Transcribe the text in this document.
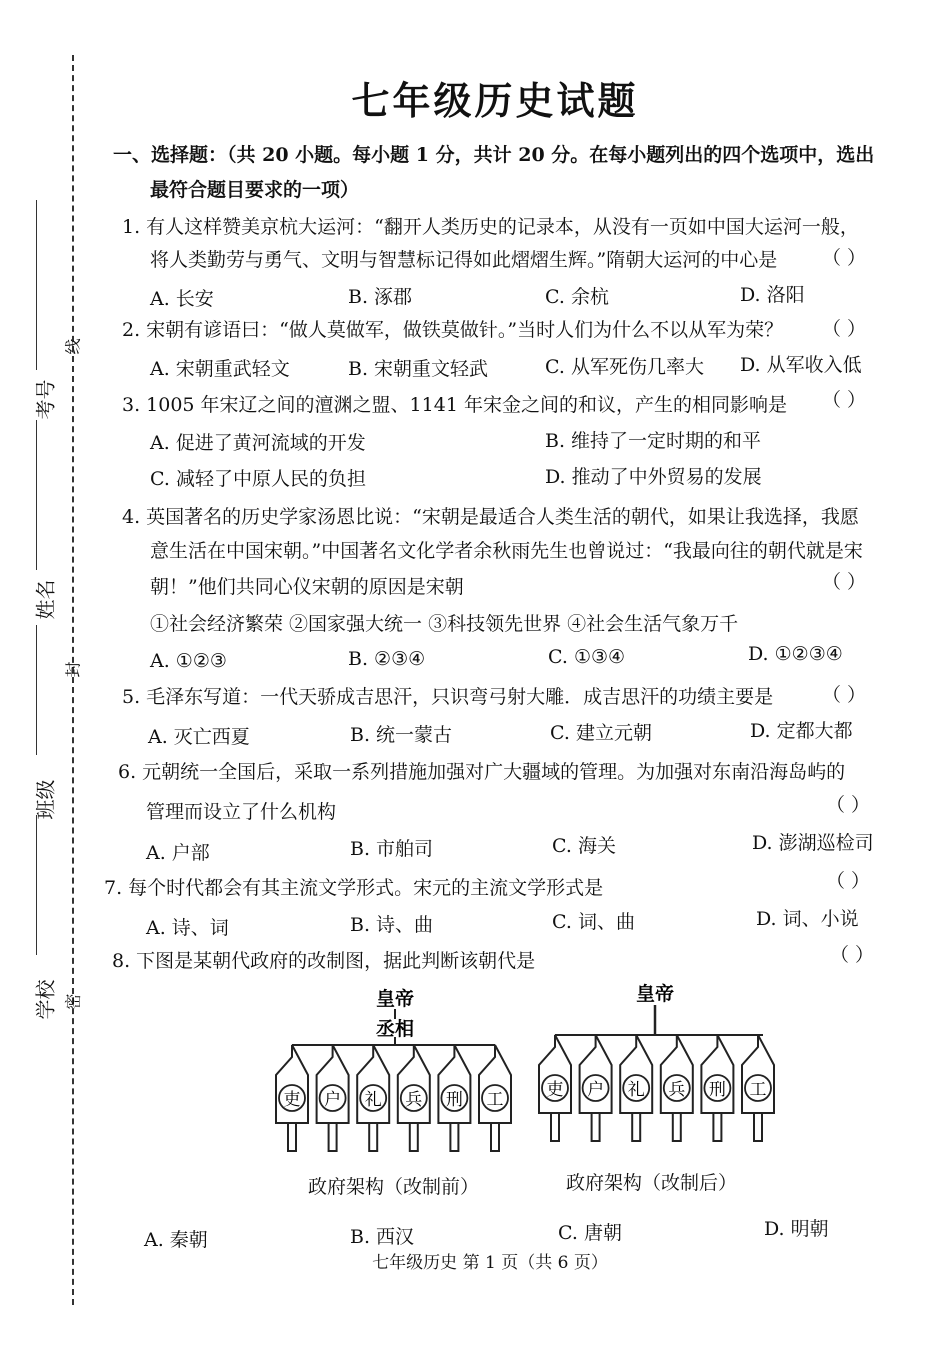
考号
线
姓名
封
班级
学校 密
七年级历史试题
一、选择题：（共 20 小题。每小题 1 分，共计 20 分。在每小题列出的四个选项中，选出
最符合题目要求的一项）
1. 有人这样赞美京杭大运河：“翻开人类历史的记录本，从没有一页如中国大运河一般，
将人类勤劳与勇气、文明与智慧标记得如此熠熠生辉。”隋朝大运河的中心是 （ ）
A. 长安	B. 涿郡	C. 余杭	D. 洛阳
2. 宋朝有谚语曰：“做人莫做军，做铁莫做针。”当时人们为什么不以从军为荣？ （ ）
A. 宋朝重武轻文	B. 宋朝重文轻武	C. 从军死伤几率大 D. 从军收入低
3. 1005 年宋辽之间的澶渊之盟、1141 年宋金之间的和议，产生的相同影响是 （ ）
A. 促进了黄河流域的开发	B. 维持了一定时期的和平
C. 减轻了中原人民的负担	D. 推动了中外贸易的发展
4. 英国著名的历史学家汤恩比说：“宋朝是最适合人类生活的朝代，如果让我选择，我愿
意生活在中国宋朝。”中国著名文化学者余秋雨先生也曾说过：“我最向往的朝代就是宋
朝！”他们共同心仪宋朝的原因是宋朝	（ ）
①社会经济繁荣 ②国家强大统一 ③科技领先世界 ④社会生活气象万千
A. ①②③	B. ②③④	C. ①③④	D. ①②③④
5. 毛泽东写道：一代天骄成吉思汗，只识弯弓射大雕．成吉思汗的功绩主要是	（ ）
A. 灭亡西夏	B. 统一蒙古	C. 建立元朝	D. 定都大都
6. 元朝统一全国后，采取一系列措施加强对广大疆域的管理。为加强对东南沿海岛屿的
管理而设立了什么机构	（ ）
A. 户部	B. 市舶司	C. 海关	D. 澎湖巡检司
7. 每个时代都会有其主流文学形式。宋元的主流文学形式是	（ ）
A. 诗、词	B. 诗、曲	C. 词、曲	D. 词、小说
8. 下图是某朝代政府的改制图，据此判断该朝代是	（ ）
皇帝
丞相
吏 户 礼 兵 刑 工
皇帝
吏 户 礼 兵 刑 工
政府架构（改制前）	政府架构（改制后）
A. 秦朝	B. 西汉	C. 唐朝	D. 明朝
七年级历史 第 1 页（共 6 页）
